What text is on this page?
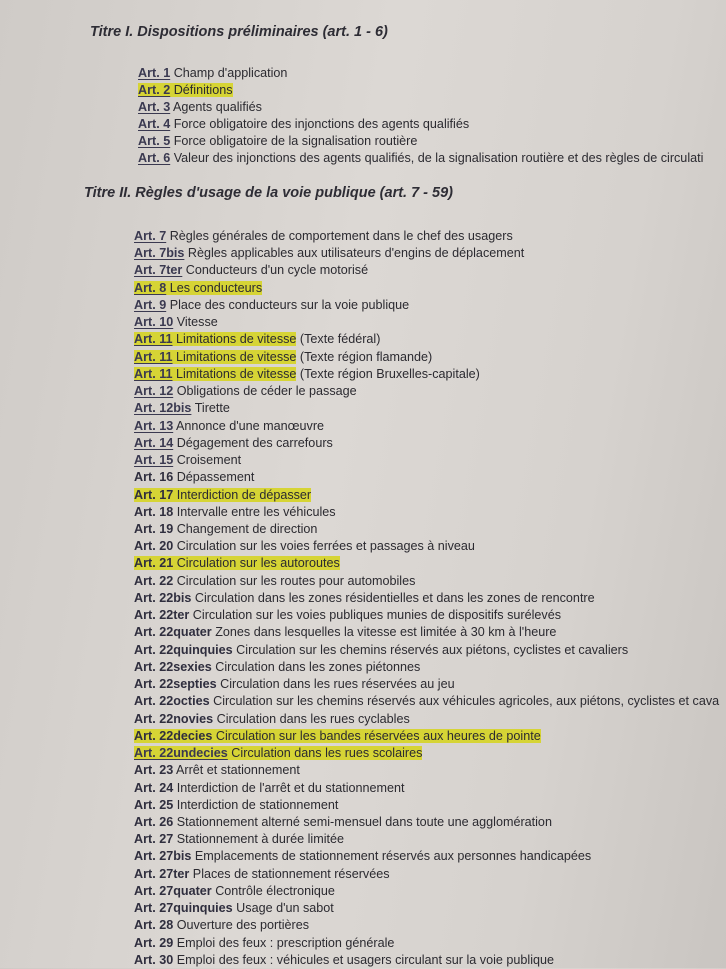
Titre I. Dispositions préliminaires (art. 1 - 6)
Art. 1 Champ d'application
Art. 2 Définitions
Art. 3 Agents qualifiés
Art. 4 Force obligatoire des injonctions des agents qualifiés
Art. 5 Force obligatoire de la signalisation routière
Art. 6 Valeur des injonctions des agents qualifiés, de la signalisation routière et des règles de circulati
Titre II. Règles d'usage de la voie publique (art. 7 - 59)
Art. 7 Règles générales de comportement dans le chef des usagers
Art. 7bis Règles applicables aux utilisateurs d'engins de déplacement
Art. 7ter Conducteurs d'un cycle motorisé
Art. 8 Les conducteurs
Art. 9 Place des conducteurs sur la voie publique
Art. 10 Vitesse
Art. 11 Limitations de vitesse (Texte fédéral)
Art. 11 Limitations de vitesse (Texte région flamande)
Art. 11 Limitations de vitesse (Texte région Bruxelles-capitale)
Art. 12 Obligations de céder le passage
Art. 12bis Tirette
Art. 13 Annonce d'une manœuvre
Art. 14 Dégagement des carrefours
Art. 15 Croisement
Art. 16 Dépassement
Art. 17 Interdiction de dépasser
Art. 18 Intervalle entre les véhicules
Art. 19 Changement de direction
Art. 20 Circulation sur les voies ferrées et passages à niveau
Art. 21 Circulation sur les autoroutes
Art. 22 Circulation sur les routes pour automobiles
Art. 22bis Circulation dans les zones résidentielles et dans les zones de rencontre
Art. 22ter Circulation sur les voies publiques munies de dispositifs surélevés
Art. 22quater Zones dans lesquelles la vitesse est limitée à 30 km à l'heure
Art. 22quinquies Circulation sur les chemins réservés aux piétons, cyclistes et cavaliers
Art. 22sexies Circulation dans les zones piétonnes
Art. 22septies Circulation dans les rues réservées au jeu
Art. 22octies Circulation sur les chemins réservés aux véhicules agricoles, aux piétons, cyclistes et cava
Art. 22novies Circulation dans les rues cyclables
Art. 22decies Circulation sur les bandes réservées aux heures de pointe
Art. 22undecies Circulation dans les rues scolaires
Art. 23 Arrêt et stationnement
Art. 24 Interdiction de l'arrêt et du stationnement
Art. 25 Interdiction de stationnement
Art. 26 Stationnement alterné semi-mensuel dans toute une agglomération
Art. 27 Stationnement à durée limitée
Art. 27bis Emplacements de stationnement réservés aux personnes handicapées
Art. 27ter Places de stationnement réservées
Art. 27quater Contrôle électronique
Art. 27quinquies Usage d'un sabot
Art. 28 Ouverture des portières
Art. 29 Emploi des feux : prescription générale
Art. 30 Emploi des feux : véhicules et usagers circulant sur la voie publique
